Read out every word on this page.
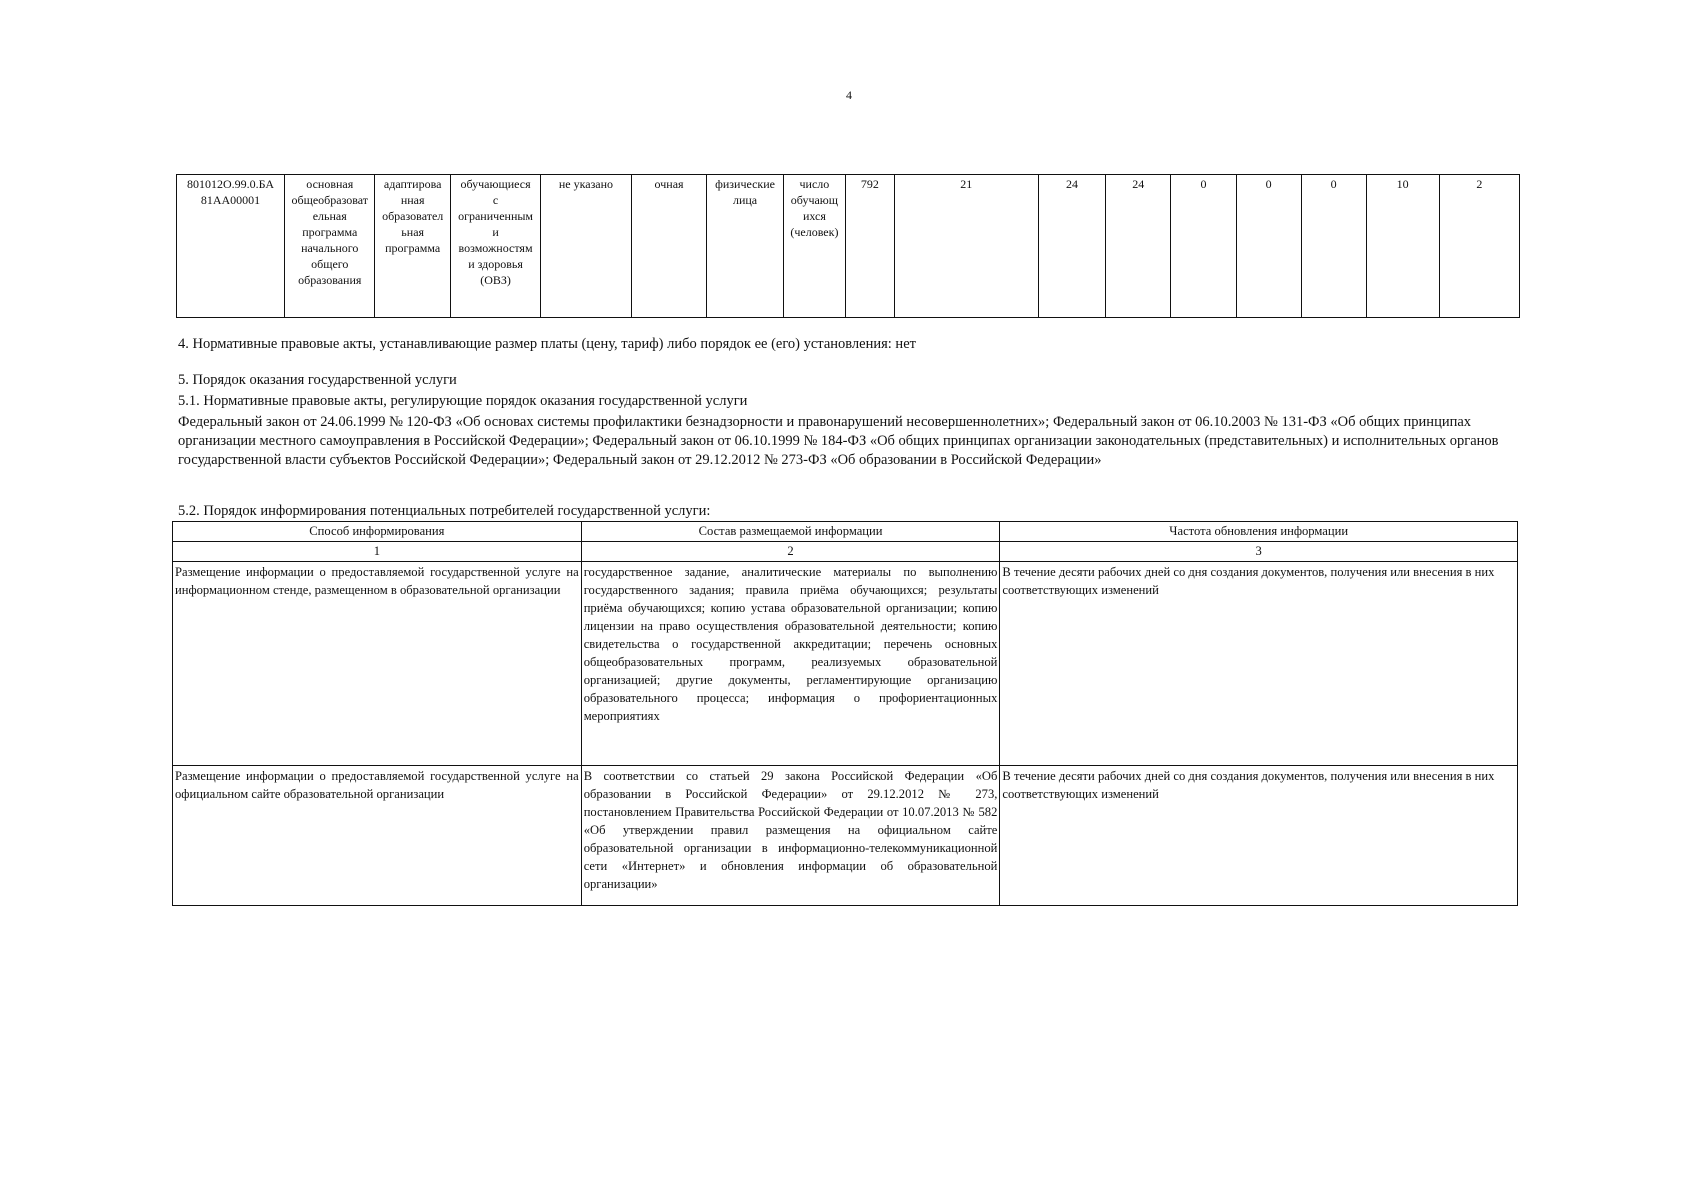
4
801012О.99.0.БА
81АА00001	основная
общеобразоват
ельная
программа
начального
общего
образования	адаптирова
нная
образовател
ьная
программа	обучающиеся
с
ограниченным
и
возможностям
и здоровья
(ОВЗ)	не указано	очная	физические
лица	число
обучающ
ихся
(человек)	792	21	24	24	0	0	0	10	2
4. Нормативные правовые акты, устанавливающие размер платы (цену, тариф) либо порядок ее (его) установления: нет
5. Порядок оказания государственной услуги
5.1. Нормативные правовые акты, регулирующие порядок оказания государственной услуги
Федеральный закон от 24.06.1999 № 120-ФЗ «Об основах системы профилактики безнадзорности и правонарушений несовершеннолетних»; Федеральный закон от 06.10.2003 № 131-ФЗ «Об общих принципах организации местного самоуправления в Российской Федерации»; Федеральный закон от 06.10.1999 № 184-ФЗ «Об общих принципах организации законодательных (представительных) и исполнительных органов государственной власти субъектов Российской Федерации»; Федеральный закон от 29.12.2012 № 273-ФЗ «Об образовании в Российской Федерации»
5.2. Порядок информирования потенциальных потребителей государственной услуги:
Способ информирования	Состав размещаемой информации	Частота обновления информации
1	2	3
Размещение информации о предоставляемой государственной услуге на информационном стенде, размещенном в образовательной организации	государственное задание, аналитические материалы по выполнению государственного задания; правила приёма обучающихся; результаты приёма обучающихся; копию устава образовательной организации; копию лицензии на право осуществления образовательной деятельности; копию свидетельства о государственной аккредитации; перечень основных общеобразовательных программ, реализуемых образовательной организацией; другие документы, регламентирующие организацию образовательного процесса; информация о профориентационных мероприятиях	В течение десяти рабочих дней со дня создания документов, получения или внесения в них соответствующих изменений
Размещение информации о предоставляемой государственной услуге на официальном сайте образовательной организации	В соответствии со статьей 29 закона Российской Федерации «Об образовании в Российской Федерации» от 29.12.2012 № 273, постановлением Правительства Российской Федерации от 10.07.2013 № 582 «Об утверждении правил размещения на официальном сайте образовательной организации в информационно-телекоммуникационной сети «Интернет» и обновления информации об образовательной организации»	В течение десяти рабочих дней со дня создания документов, получения или внесения в них соответствующих изменений
